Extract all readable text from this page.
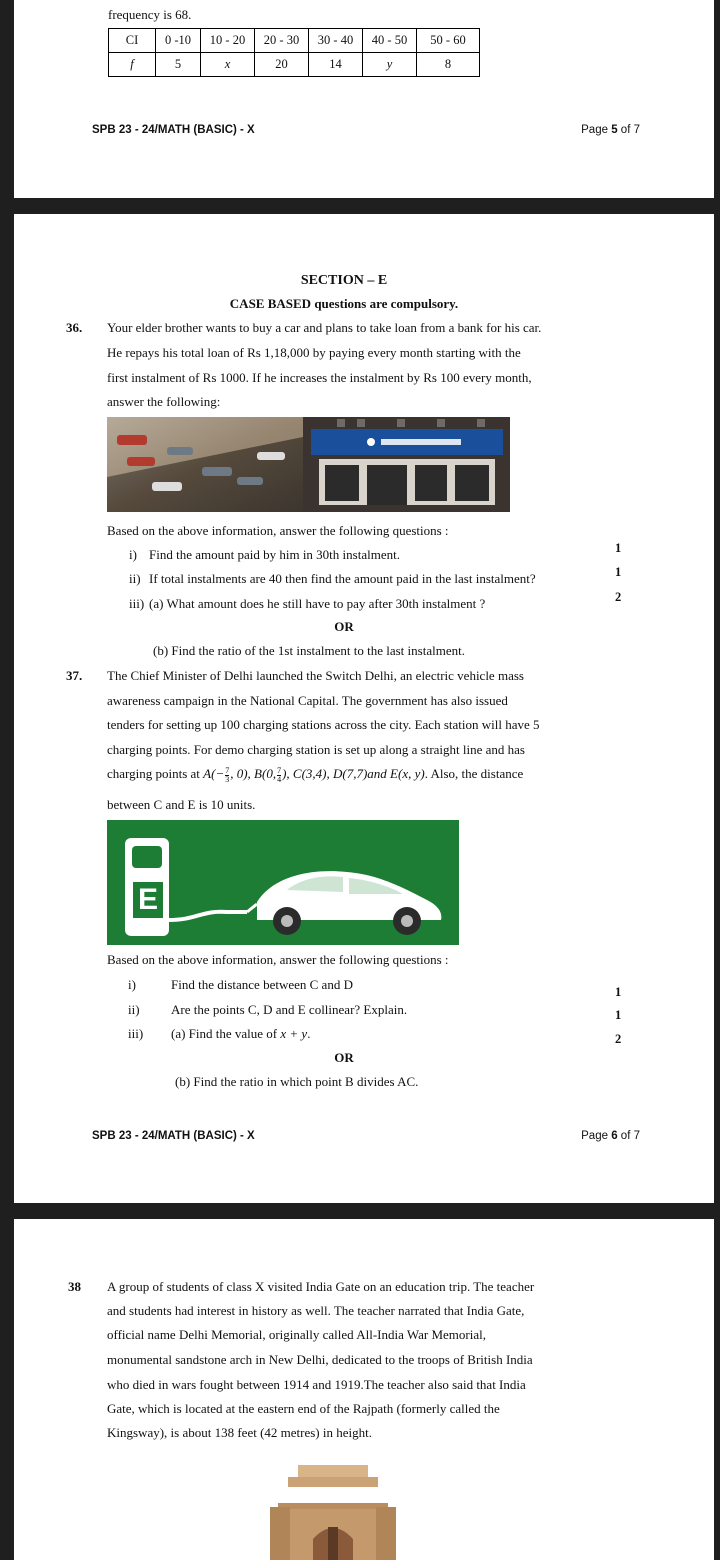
frequency is 68.
CI	0 -10	10 - 20	20 - 30	30 - 40	40 - 50	50 - 60
f	5	x	20	14	y	8
SPB 23 - 24/MATH (BASIC) - X	Page 5 of 7
SECTION – E
CASE BASED questions are compulsory.
36. Your elder brother wants to buy a car and plans to take loan from a bank for his car.
He repays his total loan of Rs 1,18,000 by paying every month starting with the
first instalment of Rs 1000. If he increases the instalment by Rs 100 every month,
answer the following:
Based on the above information, answer the following questions :
i) Find the amount paid by him in 30th instalment.	1
ii) If total instalments are 40 then find the amount paid in the last instalment?	1
iii) (a) What amount does he still have to pay after 30th instalment ?	2
OR
(b) Find the ratio of the 1st instalment to the last instalment.
37. The Chief Minister of Delhi launched the Switch Delhi, an electric vehicle mass
awareness campaign in the National Capital. The government has also issued
tenders for setting up 100 charging stations across the city. Each station will have 5
charging points. For demo charging station is set up along a straight line and has
charging points at $A(- \frac{7}{3}$ , 0), B(0, $\frac{7}{4}$ ), C(3,4), D(7,7)and E(x, y). Also, the distance
between C and E is 10 units.
E
Based on the above information, answer the following questions :
i)	Find the distance between C and D	1
ii) Are the points C, D and E collinear? Explain.	1
iii) (a) Find the value of x + y.	2
OR
(b) Find the ratio in which point B divides AC.
SPB 23 - 24/MATH (BASIC) - X	Page 6 of 7
38 A group of students of class X visited India Gate on an education trip. The teacher
and students had interest in history as well. The teacher narrated that India Gate,
official name Delhi Memorial, originally called All-India War Memorial,
monumental sandstone arch in New Delhi, dedicated to the troops of British India
who died in wars fought between 1914 and 1919.The teacher also said that India
Gate, which is located at the eastern end of the Rajpath (formerly called the
Kingsway), is about 138 feet (42 metres) in height.
